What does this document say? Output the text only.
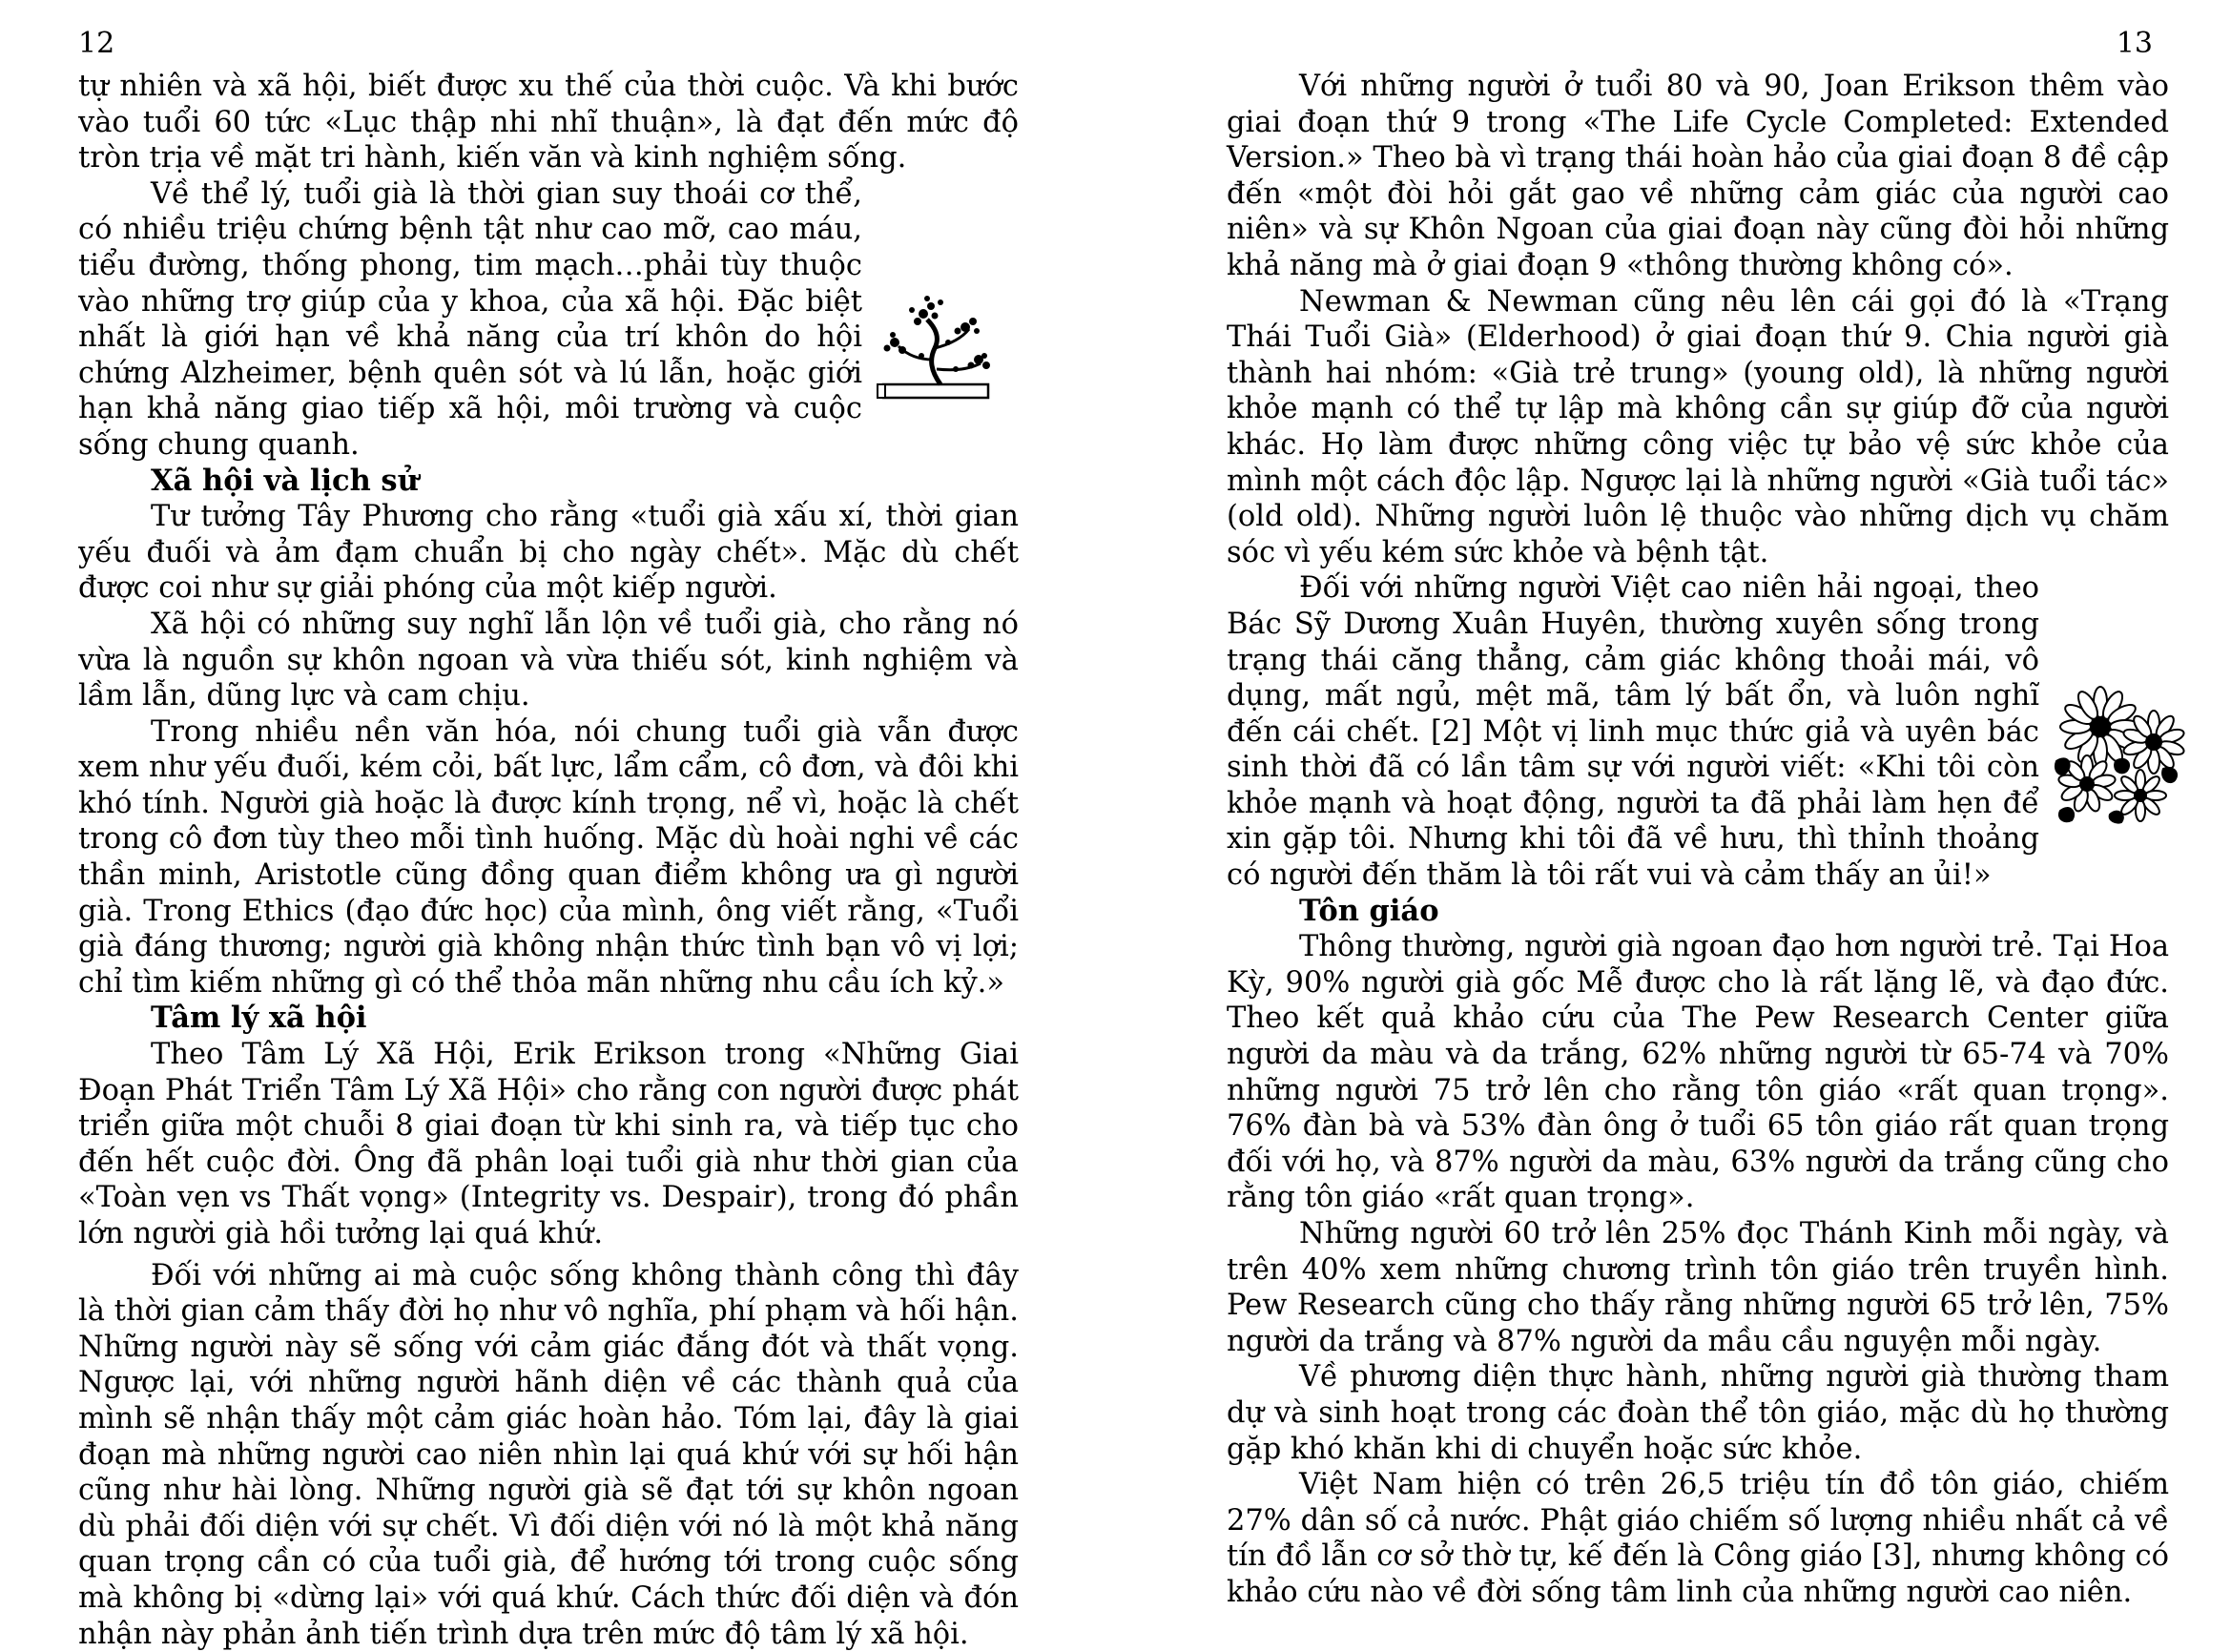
12

tự nhiên và xã hội, biết được xu thế của thời cuộc. Và khi bước vào tuổi 60 tức «Lục thập nhi nhĩ thuận», là đạt đến mức độ tròn trịa về mặt tri hành, kiến văn và kinh nghiệm sống.

Về thể lý, tuổi già là thời gian suy thoái cơ thể, có nhiều triệu chứng bệnh tật như cao mỡ, cao máu, tiểu đường, thống phong, tim mạch…phải tùy thuộc vào những trợ giúp của y khoa, của xã hội. Đặc biệt nhất là giới hạn về khả năng của trí khôn do hội chứng Alzheimer, bệnh quên sót và lú lẫn, hoặc giới hạn khả năng giao tiếp xã hội, môi trường và cuộc sống chung quanh.

Xã hội và lịch sử

Tư tưởng Tây Phương cho rằng «tuổi già xấu xí, thời gian yếu đuối và ảm đạm chuẩn bị cho ngày chết». Mặc dù chết được coi như sự giải phóng của một kiếp người.

Xã hội có những suy nghĩ lẫn lộn về tuổi già, cho rằng nó vừa là nguồn sự khôn ngoan và vừa thiếu sót, kinh nghiệm và lầm lẫn, dũng lực và cam chịu.

Trong nhiều nền văn hóa, nói chung tuổi già vẫn được xem như yếu đuối, kém cỏi, bất lực, lẩm cẩm, cô đơn, và đôi khi khó tính. Người già hoặc là được kính trọng, nể vì, hoặc là chết trong cô đơn tùy theo mỗi tình huống. Mặc dù hoài nghi về các thần minh, Aristotle cũng đồng quan điểm không ưa gì người già. Trong Ethics (đạo đức học) của mình, ông viết rằng, «Tuổi già đáng thương; người già không nhận thức tình bạn vô vị lợi; chỉ tìm kiếm những gì có thể thỏa mãn những nhu cầu ích kỷ.»

Tâm lý xã hội

Theo Tâm Lý Xã Hội, Erik Erikson trong «Những Giai Đoạn Phát Triển Tâm Lý Xã Hội» cho rằng con người được phát triển giữa một chuỗi 8 giai đoạn từ khi sinh ra, và tiếp tục cho đến hết cuộc đời. Ông đã phân loại tuổi già như thời gian của «Toàn vẹn vs Thất vọng» (Integrity vs. Despair), trong đó phần lớn người già hồi tưởng lại quá khứ.

Đối với những ai mà cuộc sống không thành công thì đây là thời gian cảm thấy đời họ như vô nghĩa, phí phạm và hối hận. Những người này sẽ sống với cảm giác đắng đót và thất vọng. Ngược lại, với những người hãnh diện về các thành quả của mình sẽ nhận thấy một cảm giác hoàn hảo. Tóm lại, đây là giai đoạn mà những người cao niên nhìn lại quá khứ với sự hối hận cũng như hài lòng. Những người già sẽ đạt tới sự khôn ngoan dù phải đối diện với sự chết. Vì đối diện với nó là một khả năng quan trọng cần có của tuổi già, để hướng tới trong cuộc sống mà không bị «dừng lại» với quá khứ. Cách thức đối diện và đón nhận này phản ảnh tiến trình dựa trên mức độ tâm lý xã hội.

13

Với những người ở tuổi 80 và 90, Joan Erikson thêm vào giai đoạn thứ 9 trong «The Life Cycle Completed: Extended Version.» Theo bà vì trạng thái hoàn hảo của giai đoạn 8 đề cập đến «một đòi hỏi gắt gao về những cảm giác của người cao niên» và sự Khôn Ngoan của giai đoạn này cũng đòi hỏi những khả năng mà ở giai đoạn 9 «thông thường không có».

Newman & Newman cũng nêu lên cái gọi đó là «Trạng Thái Tuổi Già» (Elderhood) ở giai đoạn thứ 9. Chia người già thành hai nhóm: «Già trẻ trung» (young old), là những người khỏe mạnh có thể tự lập mà không cần sự giúp đỡ của người khác. Họ làm được những công việc tự bảo vệ sức khỏe của mình một cách độc lập. Ngược lại là những người «Già tuổi tác» (old old). Những người luôn lệ thuộc vào những dịch vụ chăm sóc vì yếu kém sức khỏe và bệnh tật.

Đối với những người Việt cao niên hải ngoại, theo Bác Sỹ Dương Xuân Huyên, thường xuyên sống trong trạng thái căng thẳng, cảm giác không thoải mái, vô dụng, mất ngủ, mệt mã, tâm lý bất ổn, và luôn nghĩ đến cái chết. [2] Một vị linh mục thức giả và uyên bác sinh thời đã có lần tâm sự với người viết: «Khi tôi còn khỏe mạnh và hoạt động, người ta đã phải làm hẹn để xin gặp tôi. Nhưng khi tôi đã về hưu, thì thỉnh thoảng có người đến thăm là tôi rất vui và cảm thấy an ủi!»

Tôn giáo

Thông thường, người già ngoan đạo hơn người trẻ. Tại Hoa Kỳ, 90% người già gốc Mễ được cho là rất lặng lẽ, và đạo đức. Theo kết quả khảo cứu của The Pew Research Center giữa người da màu và da trắng, 62% những người từ 65-74 và 70% những người 75 trở lên cho rằng tôn giáo «rất quan trọng». 76% đàn bà và 53% đàn ông ở tuổi 65 tôn giáo rất quan trọng đối với họ, và 87% người da màu, 63% người da trắng cũng cho rằng tôn giáo «rất quan trọng».

Những người 60 trở lên 25% đọc Thánh Kinh mỗi ngày, và trên 40% xem những chương trình tôn giáo trên truyền hình. Pew Research cũng cho thấy rằng những người 65 trở lên, 75% người da trắng và 87% người da mầu cầu nguyện mỗi ngày.

Về phương diện thực hành, những người già thường tham dự và sinh hoạt trong các đoàn thể tôn giáo, mặc dù họ thường gặp khó khăn khi di chuyển hoặc sức khỏe.

Việt Nam hiện có trên 26,5 triệu tín đồ tôn giáo, chiếm 27% dân số cả nước. Phật giáo chiếm số lượng nhiều nhất cả về tín đồ lẫn cơ sở thờ tự, kế đến là Công giáo [3], nhưng không có khảo cứu nào về đời sống tâm linh của những người cao niên.
